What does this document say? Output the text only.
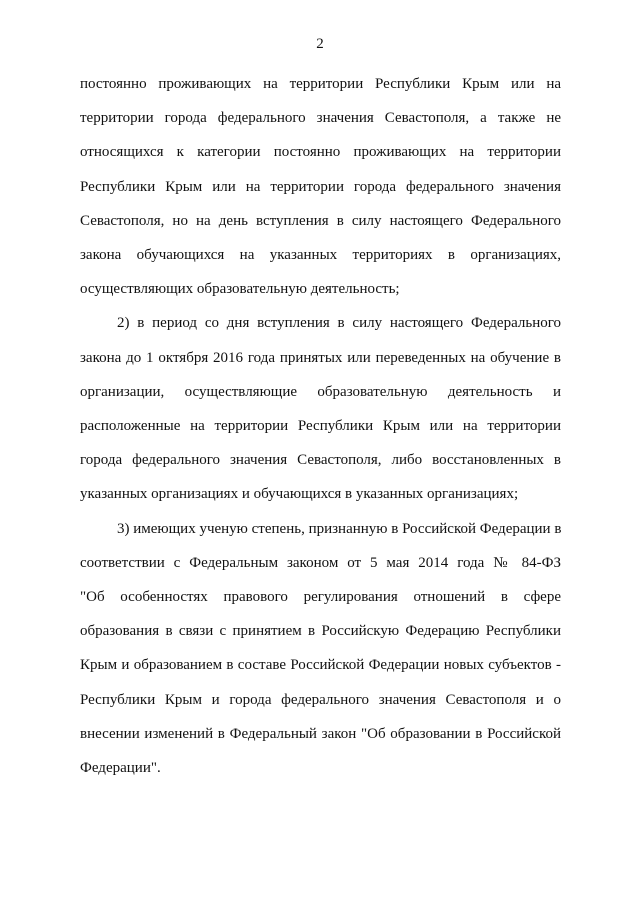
2
постоянно проживающих на территории Республики Крым или на
территории города федерального значения Севастополя, а также не
относящихся к категории постоянно проживающих на территории
Республики Крым или на территории города федерального значения
Севастополя, но на день вступления в силу настоящего Федерального
закона обучающихся на указанных территориях в организациях,
осуществляющих образовательную деятельность;
2) в период со дня вступления в силу настоящего Федерального
закона до 1 октября 2016 года принятых или переведенных на обучение в
организации, осуществляющие образовательную деятельность и
расположенные на территории Республики Крым или на территории
города федерального значения Севастополя, либо восстановленных в
указанных организациях и обучающихся в указанных организациях;
3) имеющих ученую степень, признанную в Российской Федерации в
соответствии с Федеральным законом от 5 мая 2014 года № 84-ФЗ
"Об особенностях правового регулирования отношений в сфере
образования в связи с принятием в Российскую Федерацию Республики
Крым и образованием в составе Российской Федерации новых субъектов -
Республики Крым и города федерального значения Севастополя и о
внесении изменений в Федеральный закон "Об образовании в Российской
Федерации".
